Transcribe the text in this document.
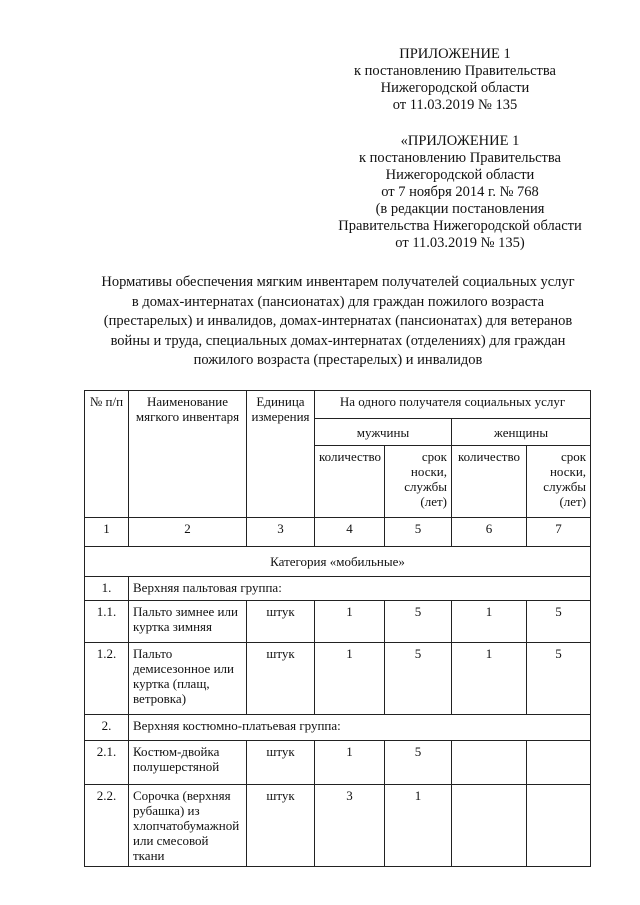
ПРИЛОЖЕНИЕ 1
к постановлению Правительства
Нижегородской области
от 11.03.2019 № 135
«ПРИЛОЖЕНИЕ 1
к постановлению Правительства
Нижегородской области
от 7 ноября 2014 г. № 768
(в редакции постановления
Правительства Нижегородской области
от 11.03.2019 № 135)
Нормативы обеспечения мягким инвентарем получателей социальных услуг
в домах-интернатах (пансионатах) для граждан пожилого возраста
(престарелых) и инвалидов, домах-интернатах (пансионатах) для ветеранов
войны и труда, специальных домах-интернатах (отделениях) для граждан
пожилого возраста (престарелых) и инвалидов
№ п/п	Наименование мягкого инвентаря	Единица измерения	На одного получателя социальных услуг			
			мужчины		женщины	
			количество	срок носки, службы (лет)	количество	срок носки, службы (лет)
1	2	3	4	5	6	7
Категория «мобильные»						
1.	Верхняя пальтовая группа:					
1.1.	Пальто зимнее или куртка зимняя	штук	1	5	1	5
1.2.	Пальто демисезонное или куртка (плащ, ветровка)	штук	1	5	1	5
2.	Верхняя костюмно-платьевая группа:					
2.1.	Костюм-двойка полушерстяной	штук	1	5		
2.2.	Сорочка (верхняя рубашка) из хлопчатобумажной или смесовой ткани	штук	3	1		
